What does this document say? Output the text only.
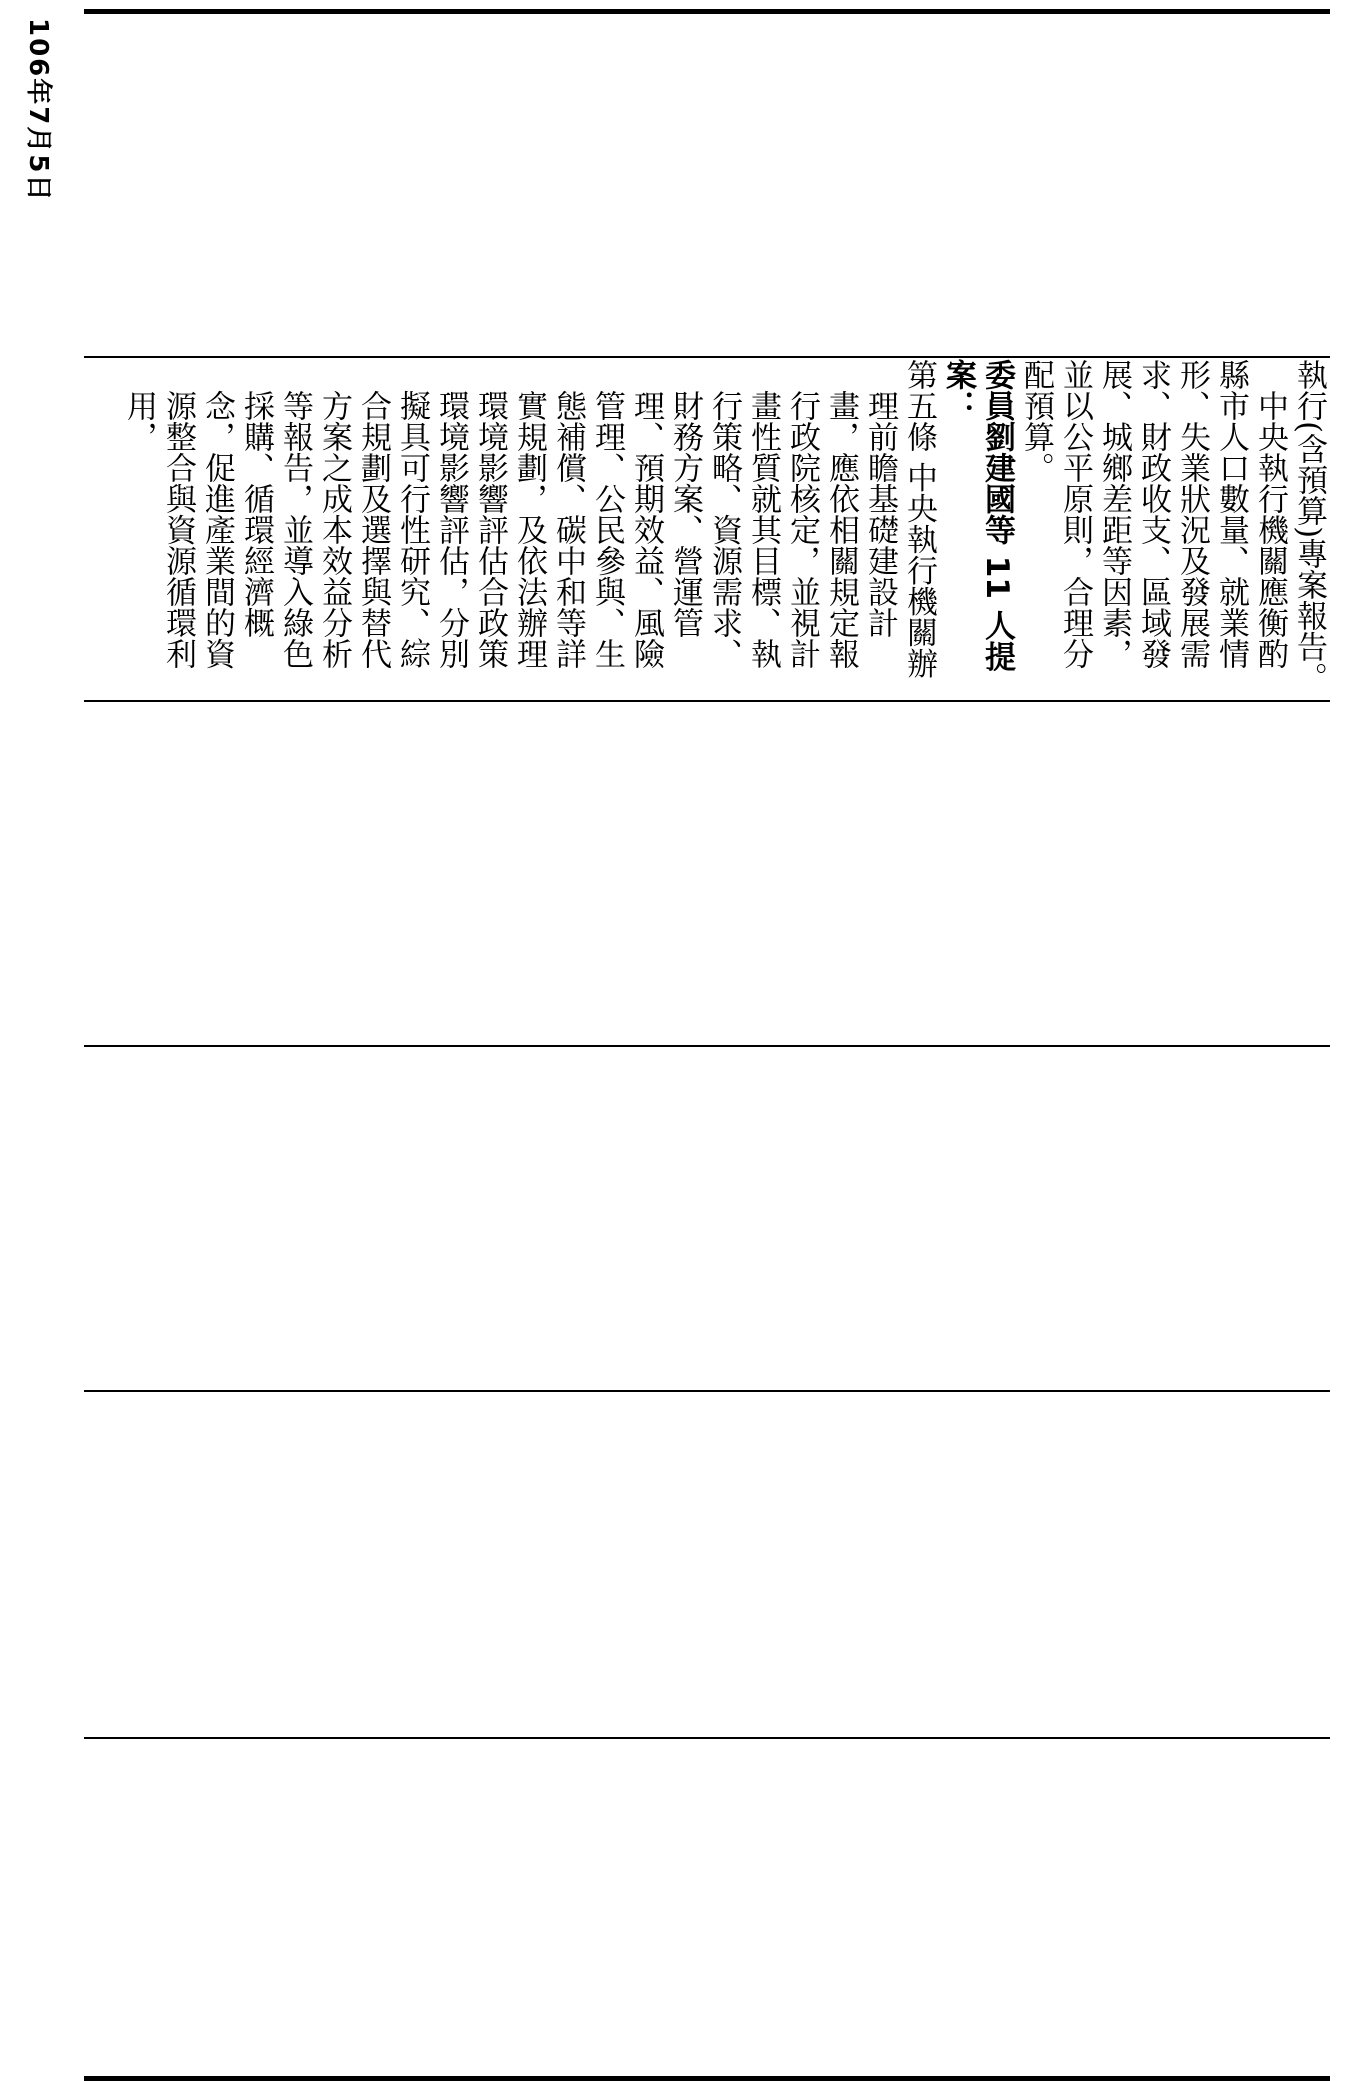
106年7月5日

執行(含預算)專案報告。

中央執行機關應衡酌縣市人口數量、就業情形、失業狀況及發展需求、財政收支、區域發展、城鄉差距等因素，並以公平原則，合理分配預算。

委員劉建國等 11 人提案：

第五條 中央執行機關辦理前瞻基礎建設計畫，應依相關規定報行政院核定，並視計畫性質就其目標、執行策略、資源需求、財務方案、營運管理、預期效益、風險管理、公民參與、生態補償、碳中和等詳實規劃，及依法辦理環境影響評估合政策環境影響評估，分別擬具可行性研究、綜合規劃及選擇與替代方案之成本效益分析等報告，並導入綠色採購、循環經濟概念，促進產業間的資源整合與資源循環利用，
